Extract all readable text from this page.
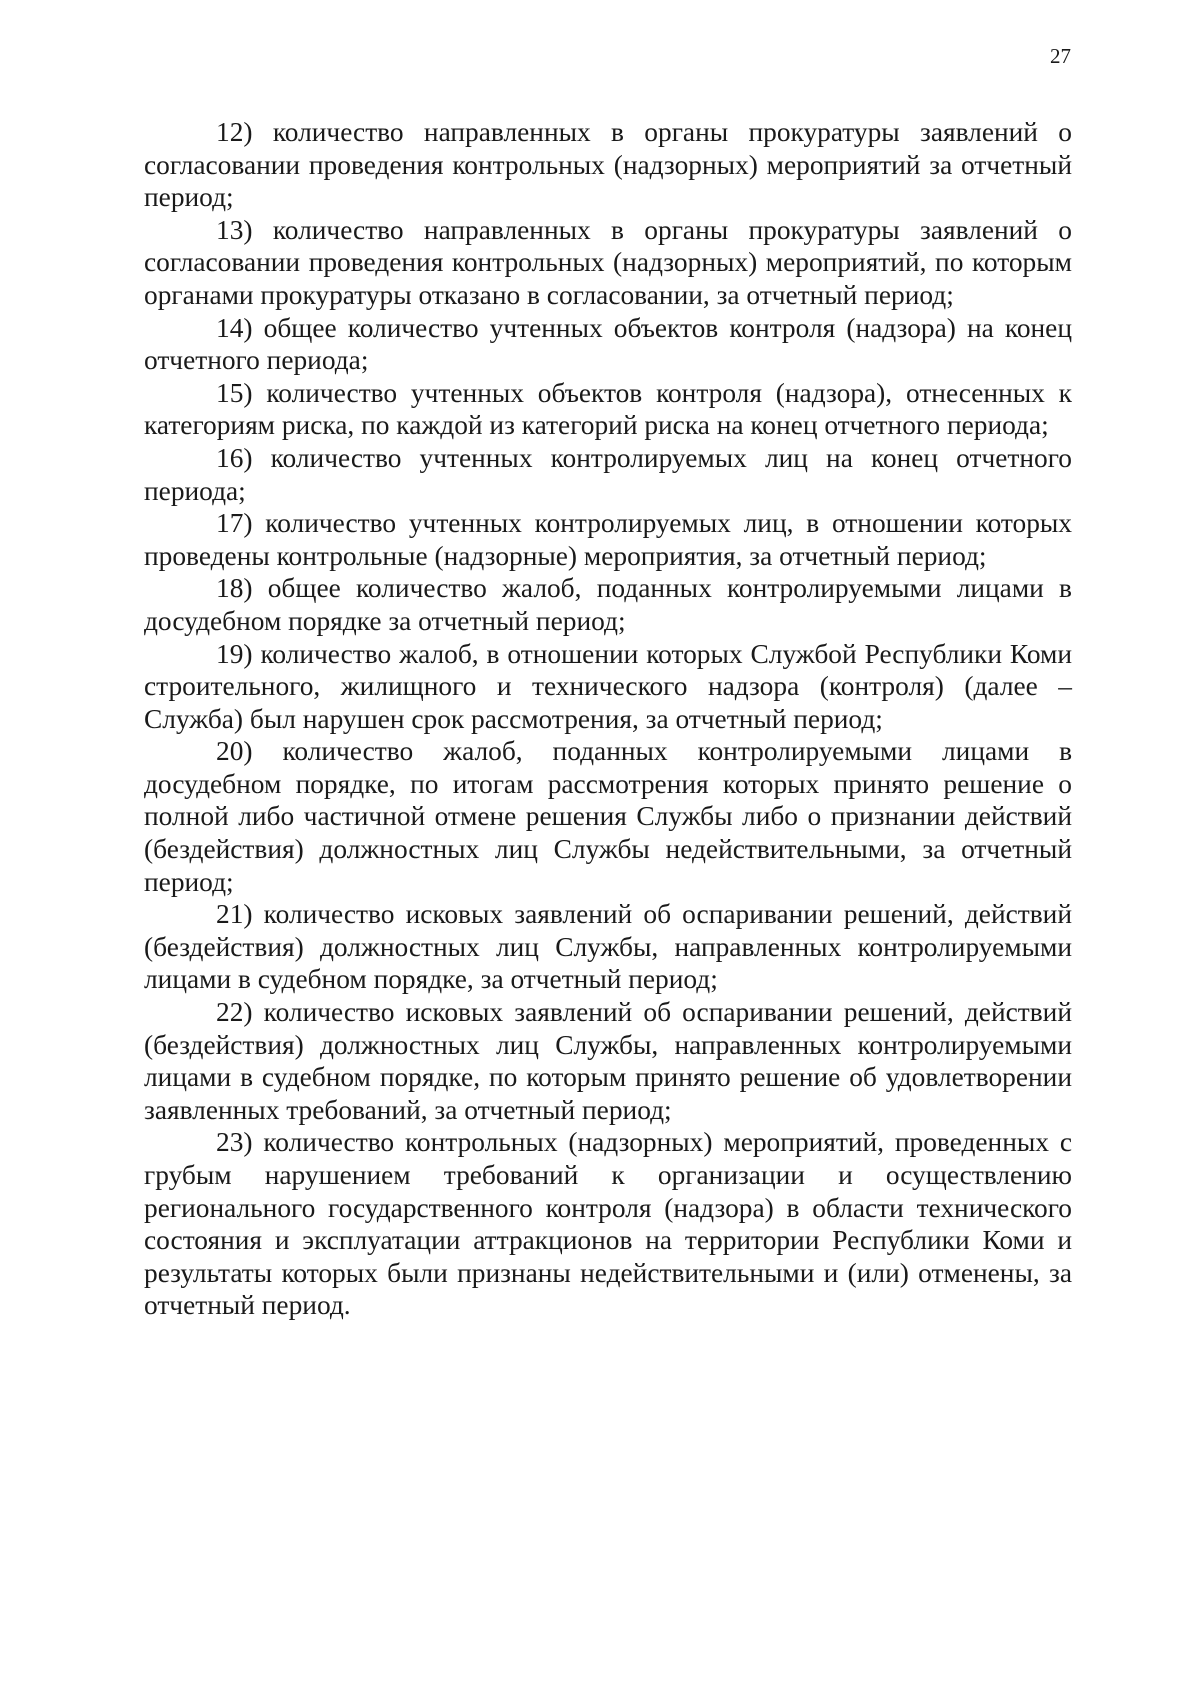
27

12) количество направленных в органы прокуратуры заявлений о согласовании проведения контрольных (надзорных) мероприятий за отчетный период;

13) количество направленных в органы прокуратуры заявлений о согласовании проведения контрольных (надзорных) мероприятий, по которым органами прокуратуры отказано в согласовании, за отчетный период;

14) общее количество учтенных объектов контроля (надзора) на конец отчетного периода;

15) количество учтенных объектов контроля (надзора), отнесенных к категориям риска, по каждой из категорий риска на конец отчетного периода;

16) количество учтенных контролируемых лиц на конец отчетного периода;

17) количество учтенных контролируемых лиц, в отношении которых проведены контрольные (надзорные) мероприятия, за отчетный период;

18) общее количество жалоб, поданных контролируемыми лицами в досудебном порядке за отчетный период;

19) количество жалоб, в отношении которых Службой Республики Коми строительного, жилищного и технического надзора (контроля) (далее – Служба) был нарушен срок рассмотрения, за отчетный период;

20) количество жалоб, поданных контролируемыми лицами в досудебном порядке, по итогам рассмотрения которых принято решение о полной либо частичной отмене решения Службы либо о признании действий (бездействия) должностных лиц Службы недействительными, за отчетный период;

21) количество исковых заявлений об оспаривании решений, действий (бездействия) должностных лиц Службы, направленных контролируемыми лицами в судебном порядке, за отчетный период;

22) количество исковых заявлений об оспаривании решений, действий (бездействия) должностных лиц Службы, направленных контролируемыми лицами в судебном порядке, по которым принято решение об удовлетворении заявленных требований, за отчетный период;

23) количество контрольных (надзорных) мероприятий, проведенных с грубым нарушением требований к организации и осуществлению регионального государственного контроля (надзора) в области технического состояния и эксплуатации аттракционов на территории Республики Коми и результаты которых были признаны недействительными и (или) отменены, за отчетный период.
